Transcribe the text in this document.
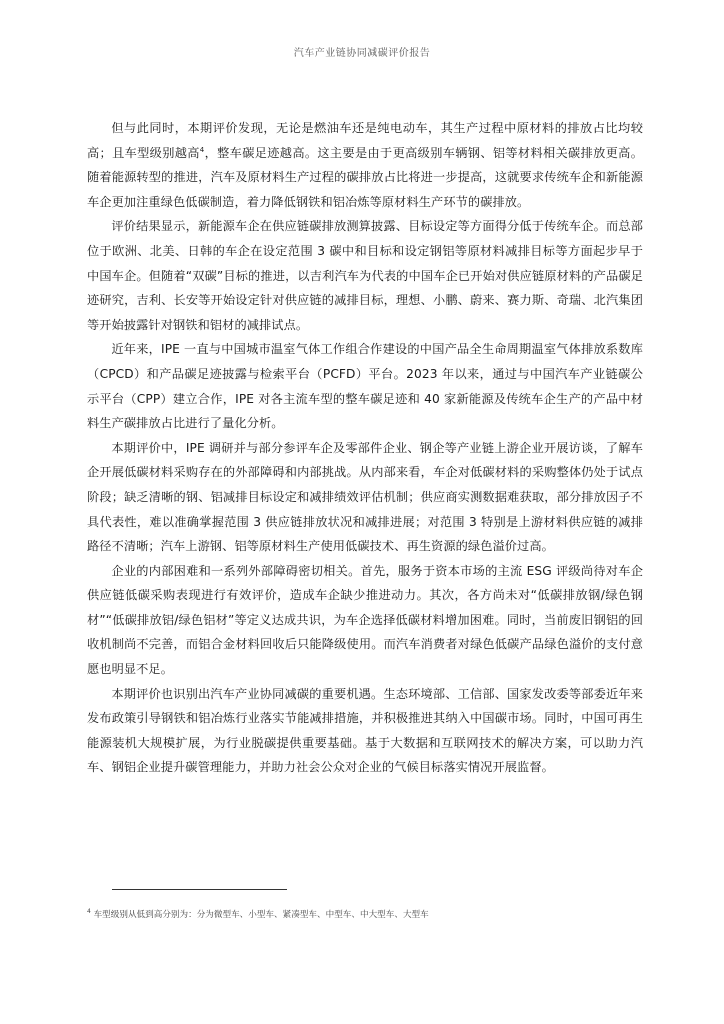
汽车产业链协同减碳评价报告

但与此同时，本期评价发现，无论是燃油车还是纯电动车，其生产过程中原材料的排放占比均较高；且车型级别越高$^4$，整车碳足迹越高。这主要是由于更高级别车辆钢、铝等材料相关碳排放更高。随着能源转型的推进，汽车及原材料生产过程的碳排放占比将进一步提高，这就要求传统车企和新能源车企更加注重绿色低碳制造，着力降低钢铁和铝冶炼等原材料生产环节的碳排放。

评价结果显示，新能源车企在供应链碳排放测算披露、目标设定等方面得分低于传统车企。而总部位于欧洲、北美、日韩的车企在设定范围 3 碳中和目标和设定钢铝等原材料减排目标等方面起步早于中国车企。但随着“双碳”目标的推进，以吉利汽车为代表的中国车企已开始对供应链原材料的产品碳足迹研究，吉利、长安等开始设定针对供应链的减排目标，理想、小鹏、蔚来、赛力斯、奇瑞、北汽集团等开始披露针对钢铁和铝材的减排试点。

近年来，IPE 一直与中国城市温室气体工作组合作建设的中国产品全生命周期温室气体排放系数库（CPCD）和产品碳足迹披露与检索平台（PCFD）平台。2023 年以来，通过与中国汽车产业链碳公示平台（CPP）建立合作，IPE 对各主流车型的整车碳足迹和 40 家新能源及传统车企生产的产品中材料生产碳排放占比进行了量化分析。

本期评价中，IPE 调研并与部分参评车企及零部件企业、钢企等产业链上游企业开展访谈，了解车企开展低碳材料采购存在的外部障碍和内部挑战。从内部来看，车企对低碳材料的采购整体仍处于试点阶段；缺乏清晰的钢、铝减排目标设定和减排绩效评估机制；供应商实测数据难获取，部分排放因子不具代表性，难以准确掌握范围 3 供应链排放状况和减排进展；对范围 3 特别是上游材料供应链的减排路径不清晰；汽车上游钢、铝等原材料生产使用低碳技术、再生资源的绿色溢价过高。

企业的内部困难和一系列外部障碍密切相关。首先，服务于资本市场的主流 ESG 评级尚待对车企供应链低碳采购表现进行有效评价，造成车企缺少推进动力。其次，各方尚未对“低碳排放钢/绿色钢材”“低碳排放铝/绿色铝材”等定义达成共识，为车企选择低碳材料增加困难。同时，当前废旧钢铝的回收机制尚不完善，而铝合金材料回收后只能降级使用。而汽车消费者对绿色低碳产品绿色溢价的支付意愿也明显不足。

本期评价也识别出汽车产业协同减碳的重要机遇。生态环境部、工信部、国家发改委等部委近年来发布政策引导钢铁和铝冶炼行业落实节能减排措施，并积极推进其纳入中国碳市场。同时，中国可再生能源装机大规模扩展，为行业脱碳提供重要基础。基于大数据和互联网技术的解决方案，可以助力汽车、钢铝企业提升碳管理能力，并助力社会公众对企业的气候目标落实情况开展监督。

$^4$ 车型级别从低到高分别为：分为微型车、小型车、紧凑型车、中型车、中大型车、大型车
